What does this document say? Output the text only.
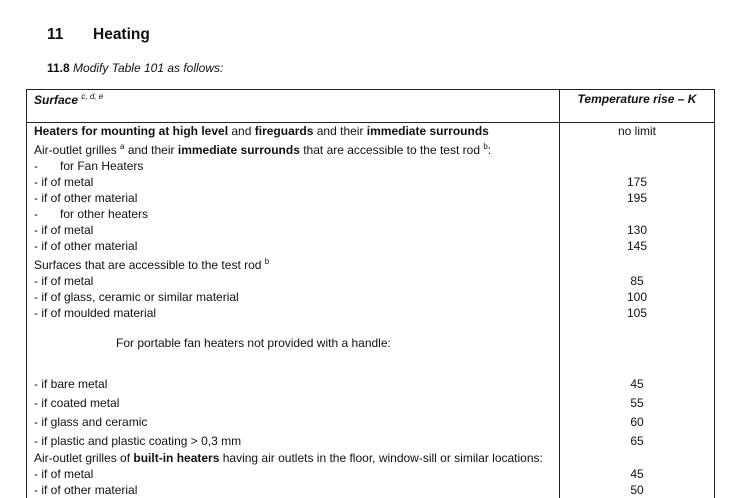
11 Heating
11.8 Modify Table 101 as follows:
Surface $^{c, d, e}$	Temperature rise – K
Heaters for mounting at high level and fireguards and their immediate surrounds	no limit
Air-outlet grilles $^a$ and their immediate surrounds that are accessible to the test rod $^b$:	
- for Fan Heaters	
- if of metal	175
- if of other material	195
- for other heaters	
- if of metal	130
- if of other material	145
Surfaces that are accessible to the test rod $^b$	
- if of metal	85
- if of glass, ceramic or similar material	100
- if of moulded material	105
For portable fan heaters not provided with a handle:	
- if bare metal	45
- if coated metal	55
- if glass and ceramic	60
- if plastic and plastic coating > 0,3 mm	65
Air-outlet grilles of built-in heaters having air outlets in the floor, window-sill or similar locations:	
- if of metal	45
- if of other material	50
